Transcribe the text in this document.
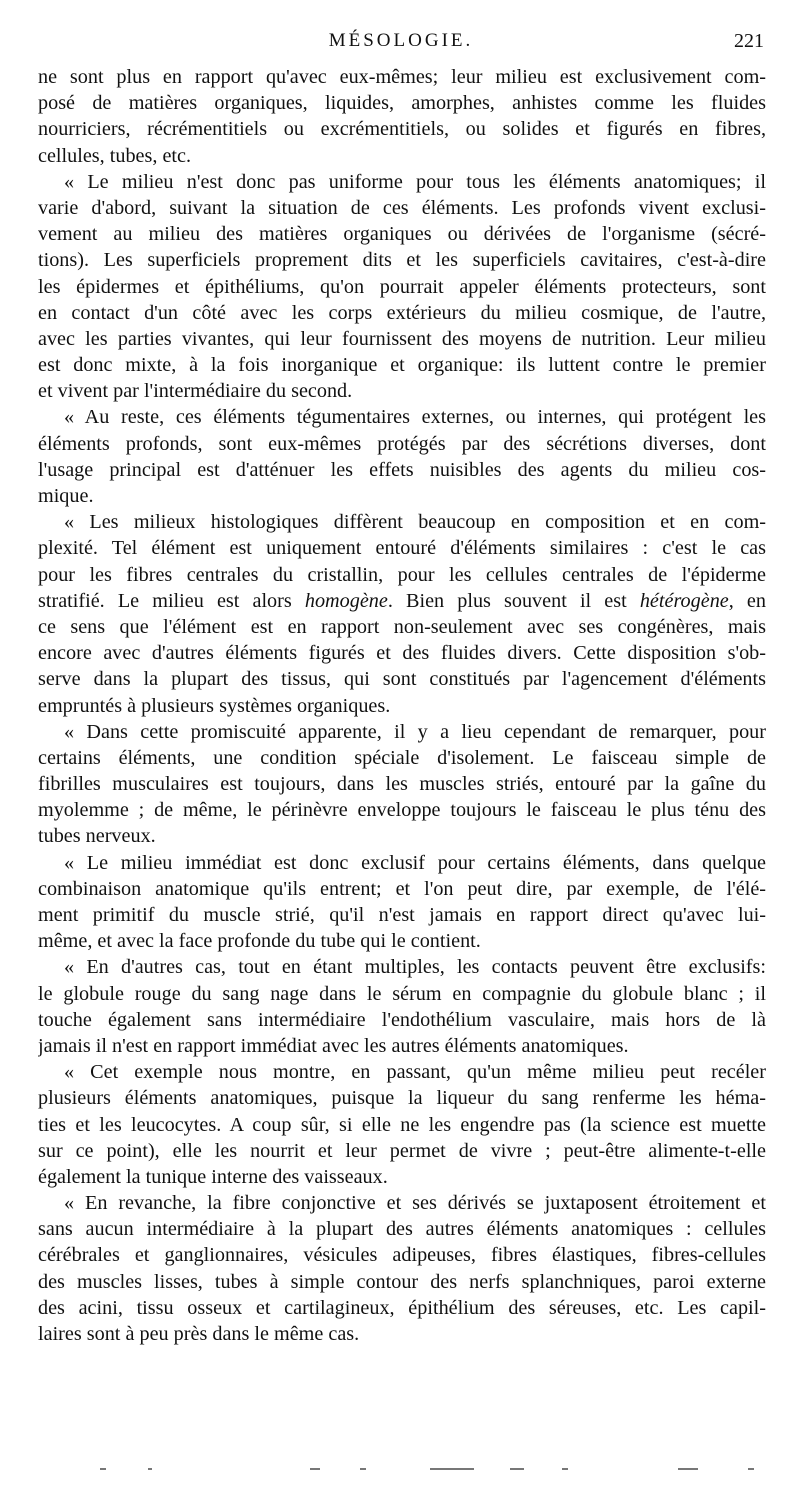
MÉSOLOGIE.	221
ne sont plus en rapport qu'avec eux-mêmes; leur milieu est exclusivement com-
posé de matières organiques, liquides, amorphes, anhistes comme les fluides
nourriciers, récrémentitiels ou excrémentitiels, ou solides et figurés en fibres,
cellules, tubes, etc.
« Le milieu n'est donc pas uniforme pour tous les éléments anatomiques; il
varie d'abord, suivant la situation de ces éléments. Les profonds vivent exclusi-
vement au milieu des matières organiques ou dérivées de l'organisme (sécré-
tions). Les superficiels proprement dits et les superficiels cavitaires, c'est-à-dire
les épidermes et épithéliums, qu'on pourrait appeler éléments protecteurs, sont
en contact d'un côté avec les corps extérieurs du milieu cosmique, de l'autre,
avec les parties vivantes, qui leur fournissent des moyens de nutrition. Leur milieu
est donc mixte, à la fois inorganique et organique: ils luttent contre le premier
et vivent par l'intermédiaire du second.
« Au reste, ces éléments tégumentaires externes, ou internes, qui protégent les
éléments profonds, sont eux-mêmes protégés par des sécrétions diverses, dont
l'usage principal est d'atténuer les effets nuisibles des agents du milieu cos-
mique.
« Les milieux histologiques diffèrent beaucoup en composition et en com-
plexité. Tel élément est uniquement entouré d'éléments similaires : c'est le cas
pour les fibres centrales du cristallin, pour les cellules centrales de l'épiderme
stratifié. Le milieu est alors homogène. Bien plus souvent il est hétérogène, en
ce sens que l'élément est en rapport non-seulement avec ses congénères, mais
encore avec d'autres éléments figurés et des fluides divers. Cette disposition s'ob-
serve dans la plupart des tissus, qui sont constitués par l'agencement d'éléments
empruntés à plusieurs systèmes organiques.
« Dans cette promiscuité apparente, il y a lieu cependant de remarquer, pour
certains éléments, une condition spéciale d'isolement. Le faisceau simple de
fibrilles musculaires est toujours, dans les muscles striés, entouré par la gaîne du
myolemme ; de même, le périnèvre enveloppe toujours le faisceau le plus ténu des
tubes nerveux.
« Le milieu immédiat est donc exclusif pour certains éléments, dans quelque
combinaison anatomique qu'ils entrent; et l'on peut dire, par exemple, de l'élé-
ment primitif du muscle strié, qu'il n'est jamais en rapport direct qu'avec lui-
même, et avec la face profonde du tube qui le contient.
« En d'autres cas, tout en étant multiples, les contacts peuvent être exclusifs:
le globule rouge du sang nage dans le sérum en compagnie du globule blanc ; il
touche également sans intermédiaire l'endothélium vasculaire, mais hors de là
jamais il n'est en rapport immédiat avec les autres éléments anatomiques.
« Cet exemple nous montre, en passant, qu'un même milieu peut recéler
plusieurs éléments anatomiques, puisque la liqueur du sang renferme les héma-
ties et les leucocytes. A coup sûr, si elle ne les engendre pas (la science est muette
sur ce point), elle les nourrit et leur permet de vivre ; peut-être alimente-t-elle
également la tunique interne des vaisseaux.
« En revanche, la fibre conjonctive et ses dérivés se juxtaposent étroitement et
sans aucun intermédiaire à la plupart des autres éléments anatomiques : cellules
cérébrales et ganglionnaires, vésicules adipeuses, fibres élastiques, fibres-cellules
des muscles lisses, tubes à simple contour des nerfs splanchniques, paroi externe
des acini, tissu osseux et cartilagineux, épithélium des séreuses, etc. Les capil-
laires sont à peu près dans le même cas.
